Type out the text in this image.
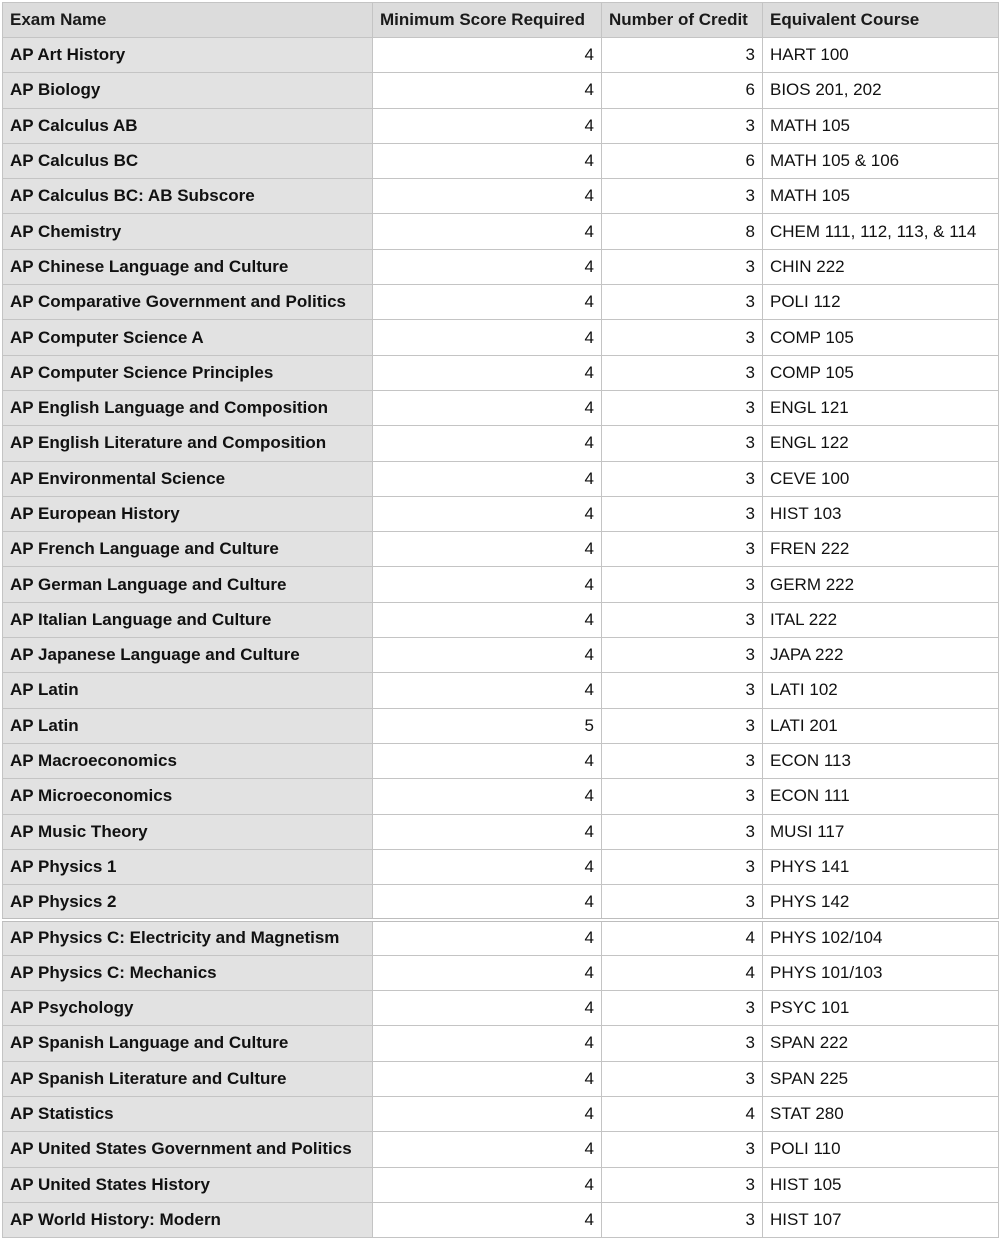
Exam Name	Minimum Score Required	Number of Credit	Equivalent Course
AP Art History	4	3	HART 100
AP Biology	4	6	BIOS 201, 202
AP Calculus AB	4	3	MATH 105
AP Calculus BC	4	6	MATH 105 & 106
AP Calculus BC: AB Subscore	4	3	MATH 105
AP Chemistry	4	8	CHEM 111, 112, 113, & 114
AP Chinese Language and Culture	4	3	CHIN 222
AP Comparative Government and Politics	4	3	POLI 112
AP Computer Science A	4	3	COMP 105
AP Computer Science Principles	4	3	COMP 105
AP English Language and Composition	4	3	ENGL 121
AP English Literature and Composition	4	3	ENGL 122
AP Environmental Science	4	3	CEVE 100
AP European History	4	3	HIST 103
AP French Language and Culture	4	3	FREN 222
AP German Language and Culture	4	3	GERM 222
AP Italian Language and Culture	4	3	ITAL 222
AP Japanese Language and Culture	4	3	JAPA 222
AP Latin	4	3	LATI 102
AP Latin	5	3	LATI 201
AP Macroeconomics	4	3	ECON 113
AP Microeconomics	4	3	ECON 111
AP Music Theory	4	3	MUSI 117
AP Physics 1	4	3	PHYS 141
AP Physics 2	4	3	PHYS 142
AP Physics C: Electricity and Magnetism	4	4	PHYS 102/104
AP Physics C: Mechanics	4	4	PHYS 101/103
AP Psychology	4	3	PSYC 101
AP Spanish Language and Culture	4	3	SPAN 222
AP Spanish Literature and Culture	4	3	SPAN 225
AP Statistics	4	4	STAT 280
AP United States Government and Politics	4	3	POLI 110
AP United States History	4	3	HIST 105
AP World History: Modern	4	3	HIST 107
